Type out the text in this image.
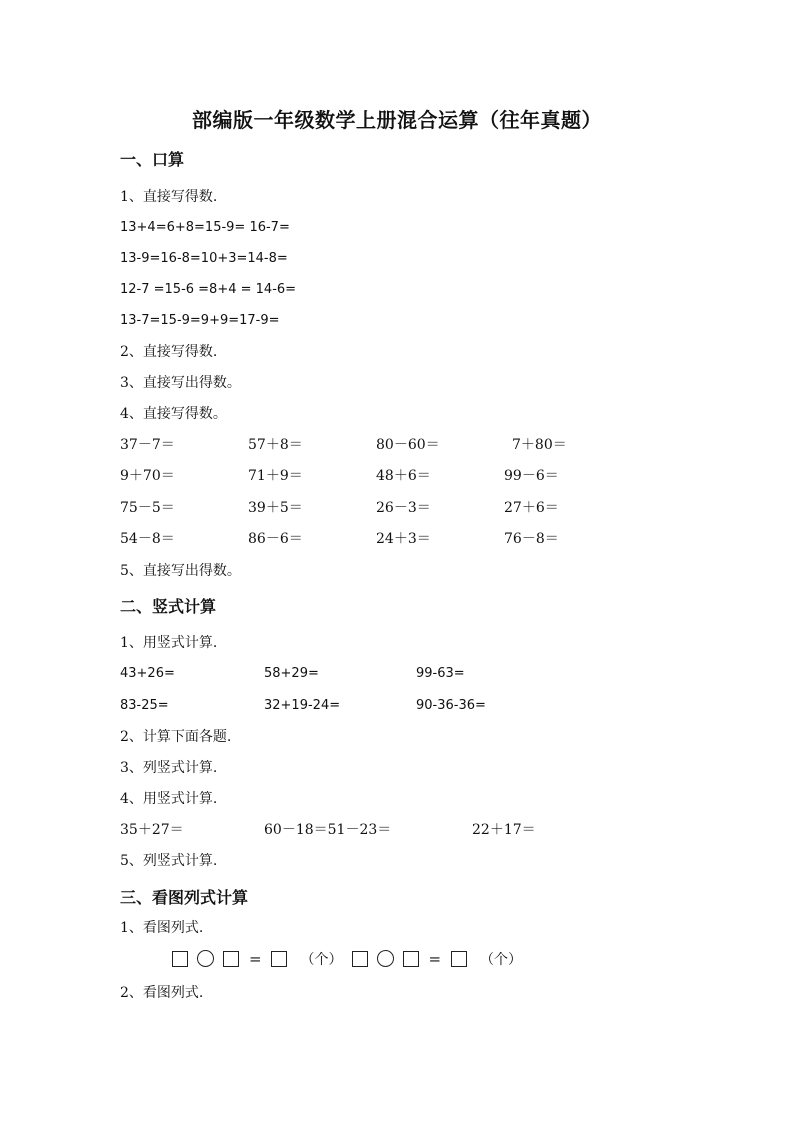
部编版一年级数学上册混合运算（往年真题）
一、口算
1、直接写得数.
13+4=6+8=15-9= 16-7=
13-9=16-8=10+3=14-8=
12-7 =15-6 =8+4 = 14-6=
13-7=15-9=9+9=17-9=
2、直接写得数.
3、直接写出得数。
4、直接写得数。
37－7＝	57＋8＝	80－60＝	7＋80＝
9＋70＝	71＋9＝	48＋6＝	99－6＝
75－5＝	39＋5＝	26－3＝	27＋6＝
54－8＝	86－6＝	24＋3＝	76－8＝
5、直接写出得数。
二、竖式计算
1、用竖式计算.
43+26=	58+29=	99-63=
83-25=	32+19-24=	90-36-36=
2、计算下面各题.
3、列竖式计算.
4、用竖式计算.
35＋27＝	60－18＝51－23＝	22＋17＝
5、列竖式计算.
三、看图列式计算
1、看图列式.
=	（个）	=	（个）
2、看图列式.
